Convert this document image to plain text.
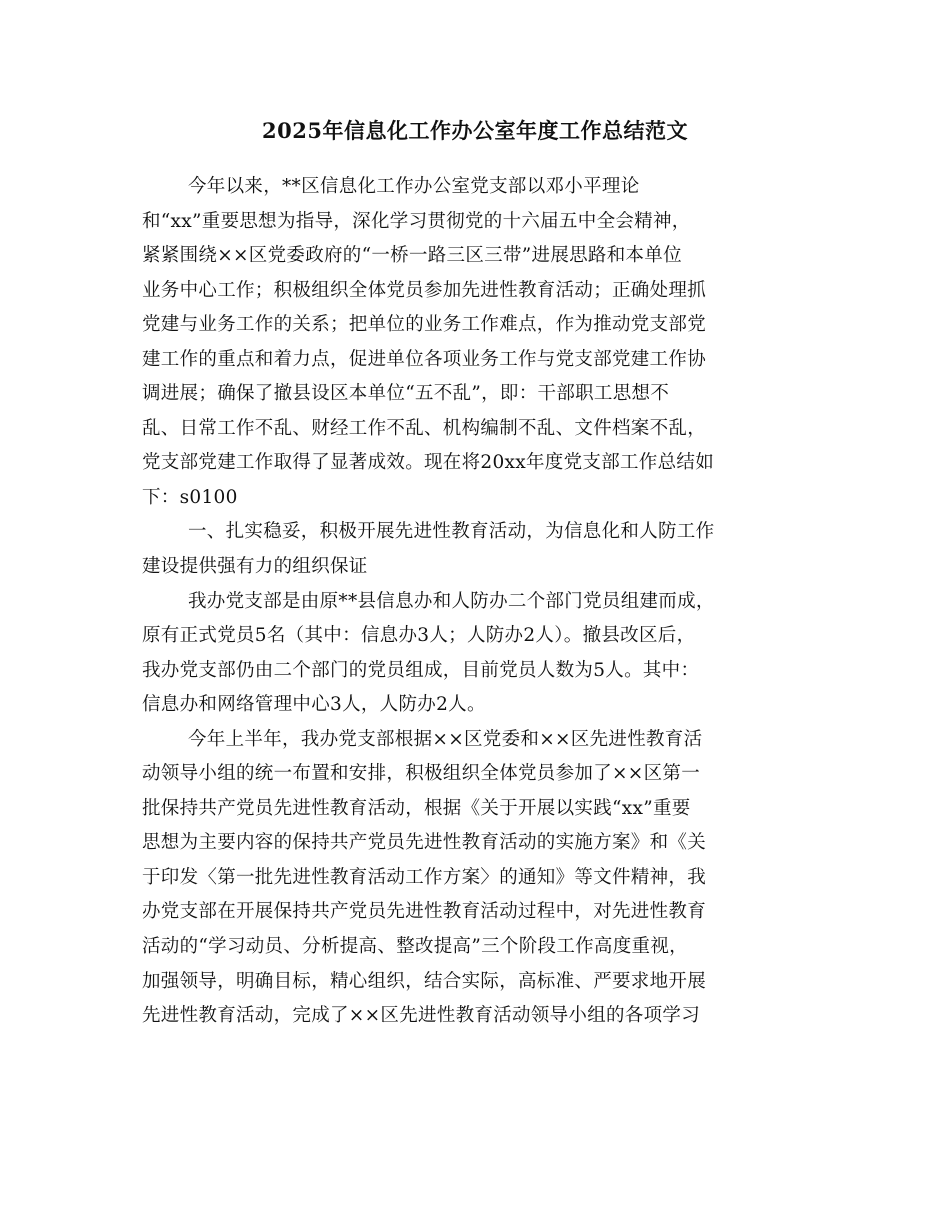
2025年信息化工作办公室年度工作总结范文
今年以来，**区信息化工作办公室党支部以邓小平理论
和“xx”重要思想为指导，深化学习贯彻党的十六届五中全会精神，
紧紧围绕××区党委政府的“一桥一路三区三带”进展思路和本单位
业务中心工作；积极组织全体党员参加先进性教育活动；正确处理抓
党建与业务工作的关系；把单位的业务工作难点，作为推动党支部党
建工作的重点和着力点，促进单位各项业务工作与党支部党建工作协
调进展；确保了撤县设区本单位“五不乱”，即：干部职工思想不
乱、日常工作不乱、财经工作不乱、机构编制不乱、文件档案不乱，
党支部党建工作取得了显著成效。现在将20xx年度党支部工作总结如
下：s0100
一、扎实稳妥，积极开展先进性教育活动，为信息化和人防工作
建设提供强有力的组织保证
我办党支部是由原**县信息办和人防办二个部门党员组建而成，
原有正式党员5名（其中：信息办3人；人防办2人）。撤县改区后，
我办党支部仍由二个部门的党员组成，目前党员人数为5人。其中：
信息办和网络管理中心3人，人防办2人。
今年上半年，我办党支部根据××区党委和××区先进性教育活
动领导小组的统一布置和安排，积极组织全体党员参加了××区第一
批保持共产党员先进性教育活动，根据《关于开展以实践“xx”重要
思想为主要内容的保持共产党员先进性教育活动的实施方案》和《关
于印发〈第一批先进性教育活动工作方案〉的通知》等文件精神，我
办党支部在开展保持共产党员先进性教育活动过程中，对先进性教育
活动的“学习动员、分析提高、整改提高”三个阶段工作高度重视，
加强领导，明确目标，精心组织，结合实际，高标准、严要求地开展
先进性教育活动，完成了××区先进性教育活动领导小组的各项学习
